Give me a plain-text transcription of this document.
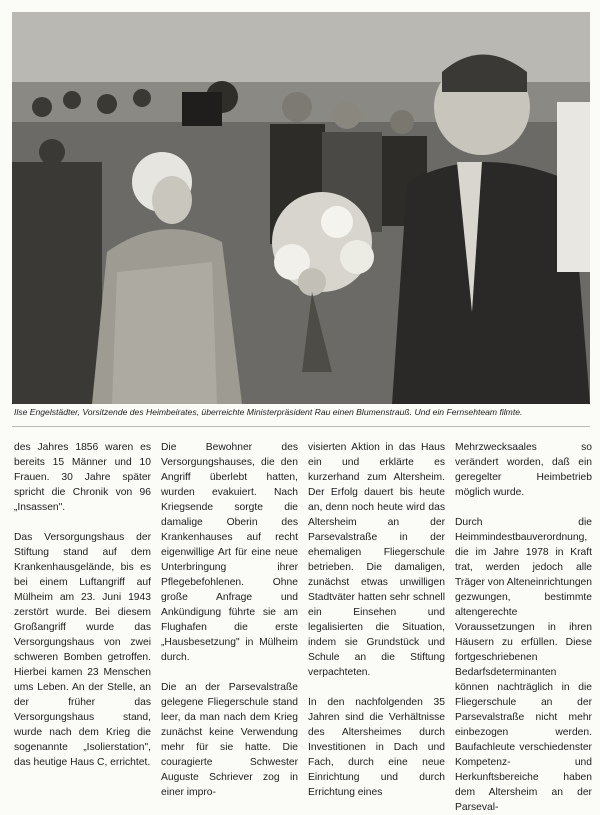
Ilse Engelstädter, Vorsitzende des Heimbeirates, überreichte Ministerpräsident Rau einen Blumenstrauß. Und ein Fernsehteam filmte.

des Jahres 1856 waren es bereits 15 Männer und 10 Frauen. 30 Jahre später spricht die Chronik von 96 „Insassen".

Das Versorgungshaus der Stiftung stand auf dem Krankenhausgelände, bis es bei einem Luftangriff auf Mülheim am 23. Juni 1943 zerstört wurde. Bei diesem Großangriff wurde das Versorgungshaus von zwei schweren Bomben getroffen. Hierbei kamen 23 Menschen ums Leben. An der Stelle, an der früher das Versorgungshaus stand, wurde nach dem Krieg die sogenannte „Isolierstation", das heutige Haus C, errichtet.

Die Bewohner des Versorgungshauses, die den Angriff überlebt hatten, wurden evakuiert. Nach Kriegsende sorgte die damalige Oberin des Krankenhauses auf recht eigenwillige Art für eine neue Unterbringung ihrer Pflegebefohlenen. Ohne große Anfrage und Ankündigung führte sie am Flughafen die erste „Hausbesetzung" in Mülheim durch.

Die an der Parsevalstraße gelegene Fliegerschule stand leer, da man nach dem Krieg zunächst keine Verwendung mehr für sie hatte. Die couragierte Schwester Auguste Schriever zog in einer impro-

visierten Aktion in das Haus ein und erklärte es kurzerhand zum Altersheim. Der Erfolg dauert bis heute an, denn noch heute wird das Altersheim an der Parsevalstraße in der ehemaligen Fliegerschule betrieben. Die damaligen, zunächst etwas unwilligen Stadtväter hatten sehr schnell ein Einsehen und legalisierten die Situation, indem sie Grundstück und Schule an die Stiftung verpachteten.

In den nachfolgenden 35 Jahren sind die Verhältnisse des Altersheimes durch Investitionen in Dach und Fach, durch eine neue Einrichtung und durch Errichtung eines

Mehrzwecksaales so verändert worden, daß ein geregelter Heimbetrieb möglich wurde.

Durch die Heimmindestbauverordnung, die im Jahre 1978 in Kraft trat, werden jedoch alle Träger von Alteneinrichtungen gezwungen, bestimmte altengerechte Voraussetzungen in ihren Häusern zu erfüllen. Diese fortgeschriebenen Bedarfsdeterminanten können nachträglich in die Fliegerschule an der Parsevalstraße nicht mehr einbezogen werden. Baufachleute verschiedenster Kompetenz- und Herkunftsbereiche haben dem Altersheim an der Parseval-
